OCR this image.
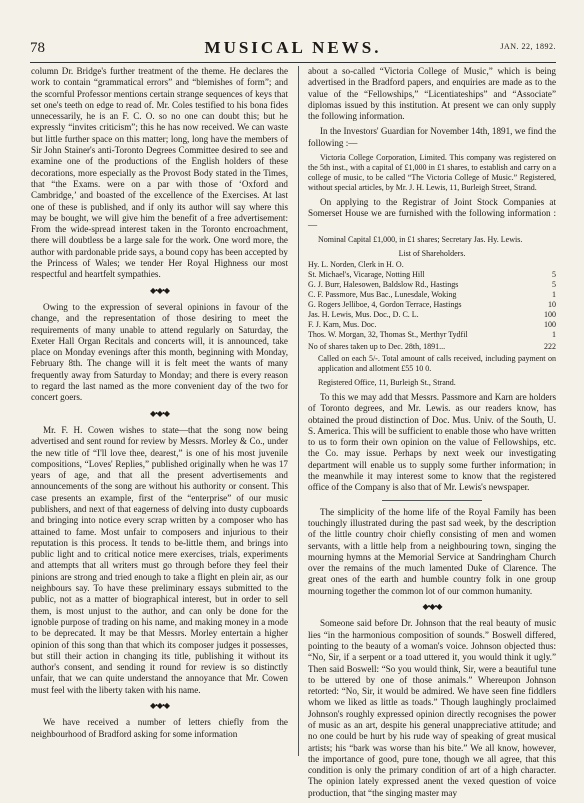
78	MUSICAL NEWS.	JAN. 22, 1892.

column Dr. Bridge's further treatment of the theme. He declares the work to contain “grammatical errors” and “blemishes of form”; and the scornful Professor mentions certain strange sequences of keys that set one's teeth on edge to read of. Mr. Coles testified to his bona fides unnecessarily, he is an F. C. O. so no one can doubt this; but he expressly “invites criticism”; this he has now received. We can waste but little further space on this matter; long, long have the members of Sir John Stainer's anti-Toronto Degrees Committee desired to see and examine one of the productions of the English holders of these decorations, more especially as the Provost Body stated in the Times, that “the Exams. were on a par with those of ‘Oxford and Cambridge,’ and boasted of the excellence of the Exercises. At last one of these is published, and if only its author will say where this may be bought, we will give him the benefit of a free advertisement: From the wide-spread interest taken in the Toronto encroachment, there will doubtless be a large sale for the work. One word more, the author with pardonable pride says, a bound copy has been accepted by the Princess of Wales; we tender Her Royal Highness our most respectful and heartfelt sympathies.

◆•◆•◆

Owing to the expression of several opinions in favour of the change, and the representation of those desiring to meet the requirements of many unable to attend regularly on Saturday, the Exeter Hall Organ Recitals and concerts will, it is announced, take place on Monday evenings after this month, beginning with Monday, February 8th. The change will it is felt meet the wants of many frequently away from Saturday to Monday; and there is every reason to regard the last named as the more convenient day of the two for concert goers.

◆•◆•◆

Mr. F. H. Cowen wishes to state—that the song now being advertised and sent round for review by Messrs. Morley & Co., under the new title of “I'll love thee, dearest,” is one of his most juvenile compositions, “Loves' Replies,” published originally when he was 17 years of age, and that all the present advertisements and announcements of the song are without his authority or consent. This case presents an example, first of the “enterprise” of our music publishers, and next of that eagerness of delving into dusty cupboards and bringing into notice every scrap written by a composer who has attained to fame. Most unfair to composers and injurious to their reputation is this process. It tends to be-little them, and brings into public light and to critical notice mere exercises, trials, experiments and attempts that all writers must go through before they feel their pinions are strong and tried enough to take a flight en plein air, as our neighbours say. To have these preliminary essays submitted to the public, not as a matter of biographical interest, but in order to sell them, is most unjust to the author, and can only be done for the ignoble purpose of trading on his name, and making money in a mode to be deprecated. It may be that Messrs. Morley entertain a higher opinion of this song than that which its composer judges it possesses, but still their action in changing its title, publishing it without its author's consent, and sending it round for review is so distinctly unfair, that we can quite understand the annoyance that Mr. Cowen must feel with the liberty taken with his name.

◆•◆•◆

We have received a number of letters chiefly from the neighbourhood of Bradford asking for some information

about a so-called “Victoria College of Music,” which is being advertised in the Bradford papers, and enquiries are made as to the value of the “Fellowships,” “Licentiateships” and “Associate” diplomas issued by this institution. At present we can only supply the following information.

In the Investors' Guardian for November 14th, 1891, we find the following :—

Victoria College Corporation, Limited. This company was registered on the 5th inst., with a capital of £1,000 in £1 shares, to establish and carry on a college of music, to be called “The Victoria College of Music.” Registered, without special articles, by Mr. J. H. Lewis, 11, Burleigh Street, Strand.

On applying to the Registrar of Joint Stock Companies at Somerset House we are furnished with the following information :—

Nominal Capital £1,000, in £1 shares; Secretary Jas. Hy. Lewis.

List of Shareholders.
Hy. L. Norden, Clerk in H. O.	
St. Michael's, Vicarage, Notting Hill	5
G. J. Burr, Halesowen, Baldslow Rd., Hastings	5
C. F. Passmore, Mus Bac., Lunesdale, Woking	1
G. Rogers Jelliboe, 4, Gordon Terrace, Hastings	10
Jas. H. Lewis, Mus. Doc., D. C. L.	100
F. J. Karn, Mus. Doc.	100
Thos. W. Morgan, 32, Thomas St., Merthyr Tydfil	1
No of shares taken up to Dec. 28th, 1891...	222

Called on each 5/-. Total amount of calls received, including payment on application and allotment £55 10 0.

Registered Office, 11, Burleigh St., Strand.

To this we may add that Messrs. Passmore and Karn are holders of Toronto degrees, and Mr. Lewis. as our readers know, has obtained the proud distinction of Doc. Mus. Univ. of the South, U. S. America. This will be sufficient to enable those who have written to us to form their own opinion on the value of Fellowships, etc. the Co. may issue. Perhaps by next week our investigating department will enable us to supply some further information; in the meanwhile it may interest some to know that the registered office of the Company is also that of Mr. Lewis's newspaper.

The simplicity of the home life of the Royal Family has been touchingly illustrated during the past sad week, by the description of the little country choir chiefly consisting of men and women servants, with a little help from a neighbouring town, singing the mourning hymns at the Memorial Service at Sandringham Church over the remains of the much lamented Duke of Clarence. The great ones of the earth and humble country folk in one group mourning together the common lot of our common humanity.

◆•◆•◆

Someone said before Dr. Johnson that the real beauty of music lies “in the harmonious composition of sounds.” Boswell differed, pointing to the beauty of a woman's voice. Johnson objected thus: “No, Sir, if a serpent or a toad uttered it, you would think it ugly.” Then said Boswell: “So you would think, Sir, were a beautiful tune to be uttered by one of those animals.” Whereupon Johnson retorted: “No, Sir, it would be admired. We have seen fine fiddlers whom we liked as little as toads.” Though laughingly proclaimed Johnson's roughly expressed opinion directly recognises the power of music as an art, despite his general unappreciative attitude; and no one could be hurt by his rude way of speaking of great musical artists; his “bark was worse than his bite.” We all know, however, the importance of good, pure tone, though we all agree, that this condition is only the primary condition of art of a high character. The opinion lately expressed anent the vexed question of voice production, that “the singing master may
